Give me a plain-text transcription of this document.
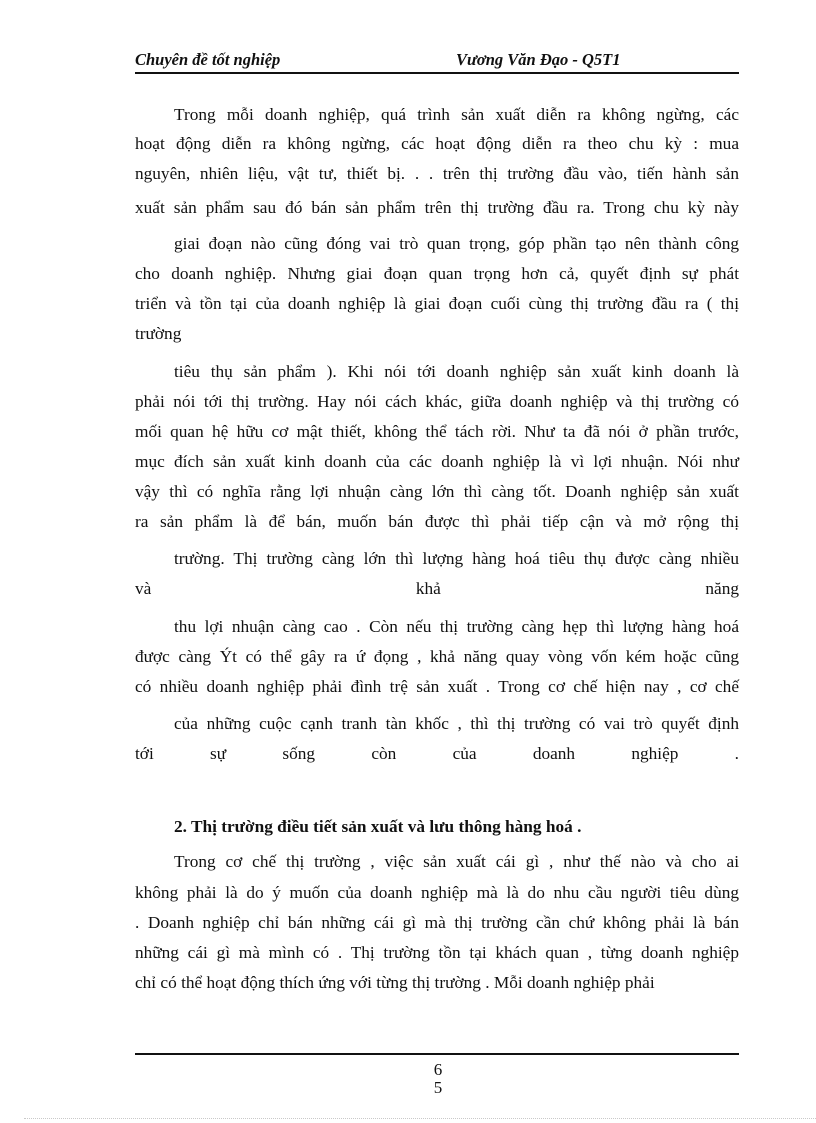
Chuyên đề tốt nghiệp	Vương Văn Đạo - Q5T1
Trong mỗi doanh nghiệp, quá trình sản xuất diễn ra không ngừng, các
hoạt động diễn ra không ngừng, các hoạt động diễn ra theo chu kỳ : mua
nguyên, nhiên liệu, vật tư, thiết bị. . . trên thị trường đầu vào, tiến hành sản
xuất sản phẩm sau đó bán sản phẩm trên thị trường đầu ra. Trong chu kỳ này
giai đoạn nào cũng đóng vai trò quan trọng, góp phần tạo nên thành công
cho doanh nghiệp. Nhưng giai đoạn quan trọng hơn cả, quyết định sự phát
triển và tồn tại của doanh nghiệp là giai đoạn cuối cùng thị trường đầu ra ( thị
trường
tiêu thụ sản phẩm ). Khi nói tới doanh nghiệp sản xuất kinh doanh là
phải nói tới thị trường. Hay nói cách khác, giữa doanh nghiệp và thị trường có
mối quan hệ hữu cơ mật thiết, không thể tách rời. Như ta đã nói ở phần trước,
mục đích sản xuất kinh doanh của các doanh nghiệp là vì lợi nhuận. Nói như
vậy thì có nghĩa rằng lợi nhuận càng lớn thì càng tốt. Doanh nghiệp sản xuất
ra sản phẩm là để bán, muốn bán được thì phải tiếp cận và mở rộng thị
trường. Thị trường càng lớn thì lượng hàng hoá tiêu thụ được càng nhiều
và khả năng
thu lợi nhuận càng cao . Còn nếu thị trường càng hẹp thì lượng hàng hoá
được càng Ýt có thể gây ra ứ đọng , khả năng quay vòng vốn kém hoặc cũng
có nhiều doanh nghiệp phải đình trệ sản xuất . Trong cơ chế hiện nay , cơ chế
của những cuộc cạnh tranh tàn khốc , thì thị trường có vai trò quyết định
tới sự sống còn của doanh nghiệp .
2. Thị trường điều tiết sản xuất và lưu thông hàng hoá .
Trong cơ chế thị trường , việc sản xuất cái gì , như thế nào và cho ai
không phải là do ý muốn của doanh nghiệp mà là do nhu cầu người tiêu dùng
. Doanh nghiệp chỉ bán những cái gì mà thị trường cần chứ không phải là bán
những cái gì mà mình có . Thị trường tồn tại khách quan , từng doanh nghiệp
chỉ có thể hoạt động thích ứng với từng thị trường . Mỗi doanh nghiệp phải
6
5
